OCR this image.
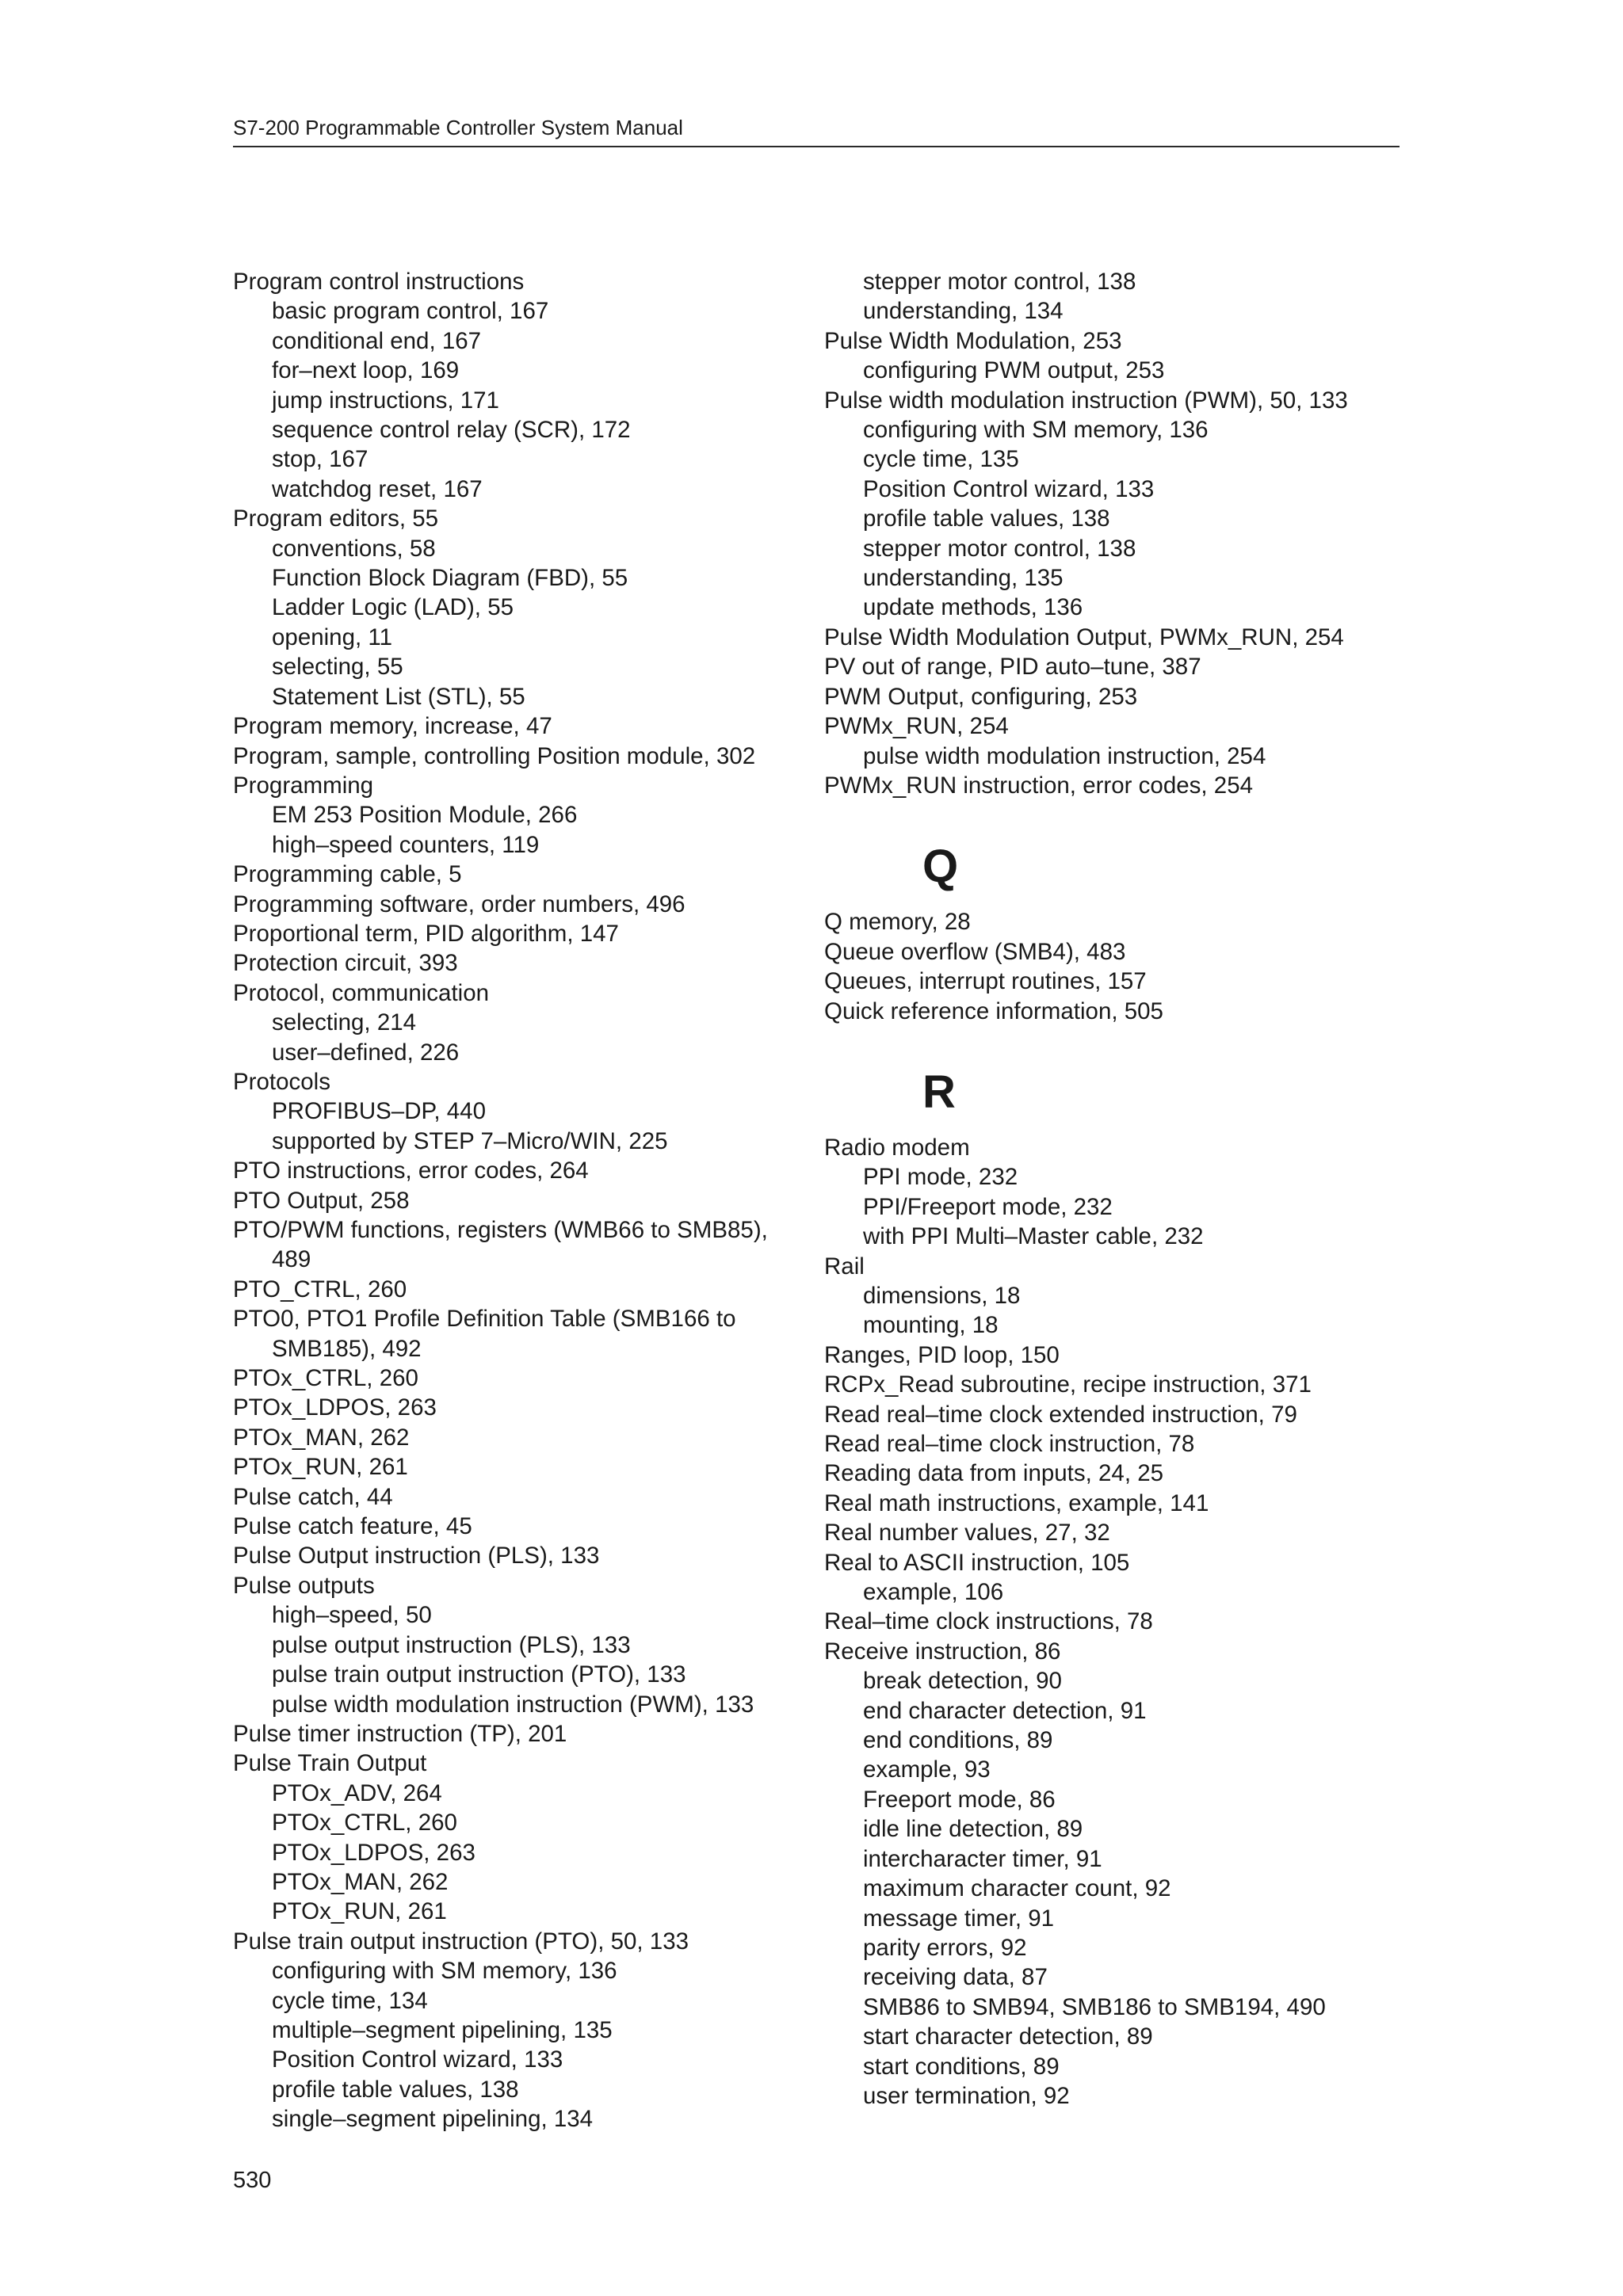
S7-200 Programmable Controller System Manual
Program control instructions
basic program control, 167
conditional end, 167
for–next loop, 169
jump instructions, 171
sequence control relay (SCR), 172
stop, 167
watchdog reset, 167
Program editors, 55
conventions, 58
Function Block Diagram (FBD), 55
Ladder Logic (LAD), 55
opening, 11
selecting, 55
Statement List (STL), 55
Program memory, increase, 47
Program, sample, controlling Position module, 302
Programming
EM 253 Position Module, 266
high–speed counters, 119
Programming cable, 5
Programming software, order numbers, 496
Proportional term, PID algorithm, 147
Protection circuit, 393
Protocol, communication
selecting, 214
user–defined, 226
Protocols
PROFIBUS–DP, 440
supported by STEP 7–Micro/WIN, 225
PTO instructions, error codes, 264
PTO Output, 258
PTO/PWM functions, registers (WMB66 to SMB85),
489
PTO_CTRL, 260
PTO0, PTO1 Profile Definition Table (SMB166 to
SMB185), 492
PTOx_CTRL, 260
PTOx_LDPOS, 263
PTOx_MAN, 262
PTOx_RUN, 261
Pulse catch, 44
Pulse catch feature, 45
Pulse Output instruction (PLS), 133
Pulse outputs
high–speed, 50
pulse output instruction (PLS), 133
pulse train output instruction (PTO), 133
pulse width modulation instruction (PWM), 133
Pulse timer instruction (TP), 201
Pulse Train Output
PTOx_ADV, 264
PTOx_CTRL, 260
PTOx_LDPOS, 263
PTOx_MAN, 262
PTOx_RUN, 261
Pulse train output instruction (PTO), 50, 133
configuring with SM memory, 136
cycle time, 134
multiple–segment pipelining, 135
Position Control wizard, 133
profile table values, 138
single–segment pipelining, 134
stepper motor control, 138
understanding, 134
Pulse Width Modulation, 253
configuring PWM output, 253
Pulse width modulation instruction (PWM), 50, 133
configuring with SM memory, 136
cycle time, 135
Position Control wizard, 133
profile table values, 138
stepper motor control, 138
understanding, 135
update methods, 136
Pulse Width Modulation Output, PWMx_RUN, 254
PV out of range, PID auto–tune, 387
PWM Output, configuring, 253
PWMx_RUN, 254
pulse width modulation instruction, 254
PWMx_RUN instruction, error codes, 254
Q
Q memory, 28
Queue overflow (SMB4), 483
Queues, interrupt routines, 157
Quick reference information, 505
R
Radio modem
PPI mode, 232
PPI/Freeport mode, 232
with PPI Multi–Master cable, 232
Rail
dimensions, 18
mounting, 18
Ranges, PID loop, 150
RCPx_Read subroutine, recipe instruction, 371
Read real–time clock extended instruction, 79
Read real–time clock instruction, 78
Reading data from inputs, 24, 25
Real math instructions, example, 141
Real number values, 27, 32
Real to ASCII instruction, 105
example, 106
Real–time clock instructions, 78
Receive instruction, 86
break detection, 90
end character detection, 91
end conditions, 89
example, 93
Freeport mode, 86
idle line detection, 89
intercharacter timer, 91
maximum character count, 92
message timer, 91
parity errors, 92
receiving data, 87
SMB86 to SMB94, SMB186 to SMB194, 490
start character detection, 89
start conditions, 89
user termination, 92
530
